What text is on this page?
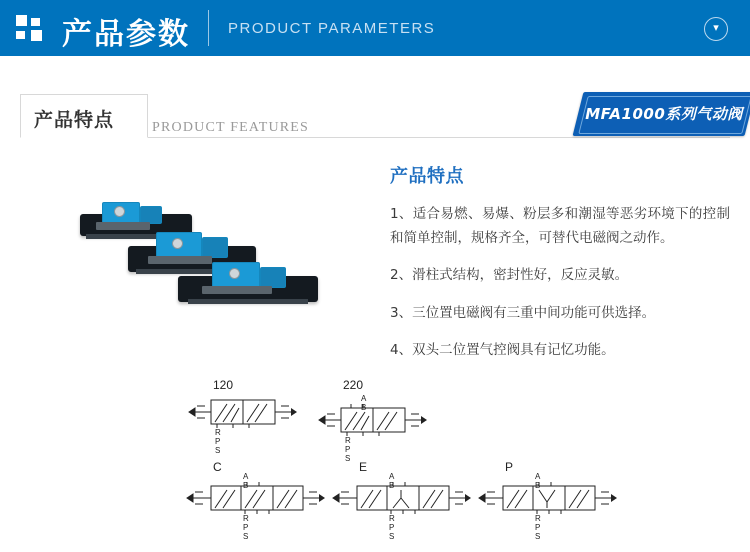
产品参数	PRODUCT PARAMETERS	▾
产品特点	PRODUCT FEATURES
MFA1000系列气动阀
产品特点

1、适合易燃、易爆、粉层多和潮湿等恶劣环境下的控制和简单控制，规格齐全，可替代电磁阀之动作。

2、滑柱式结构，密封性好，反应灵敏。

3、三位置电磁阀有三重中间功能可供选择。

4、双头二位置气控阀具有记忆功能。

120
R P S
220
A B
R P S
C
A B
R P S
E
A B
R P S
P
A B
R P S
